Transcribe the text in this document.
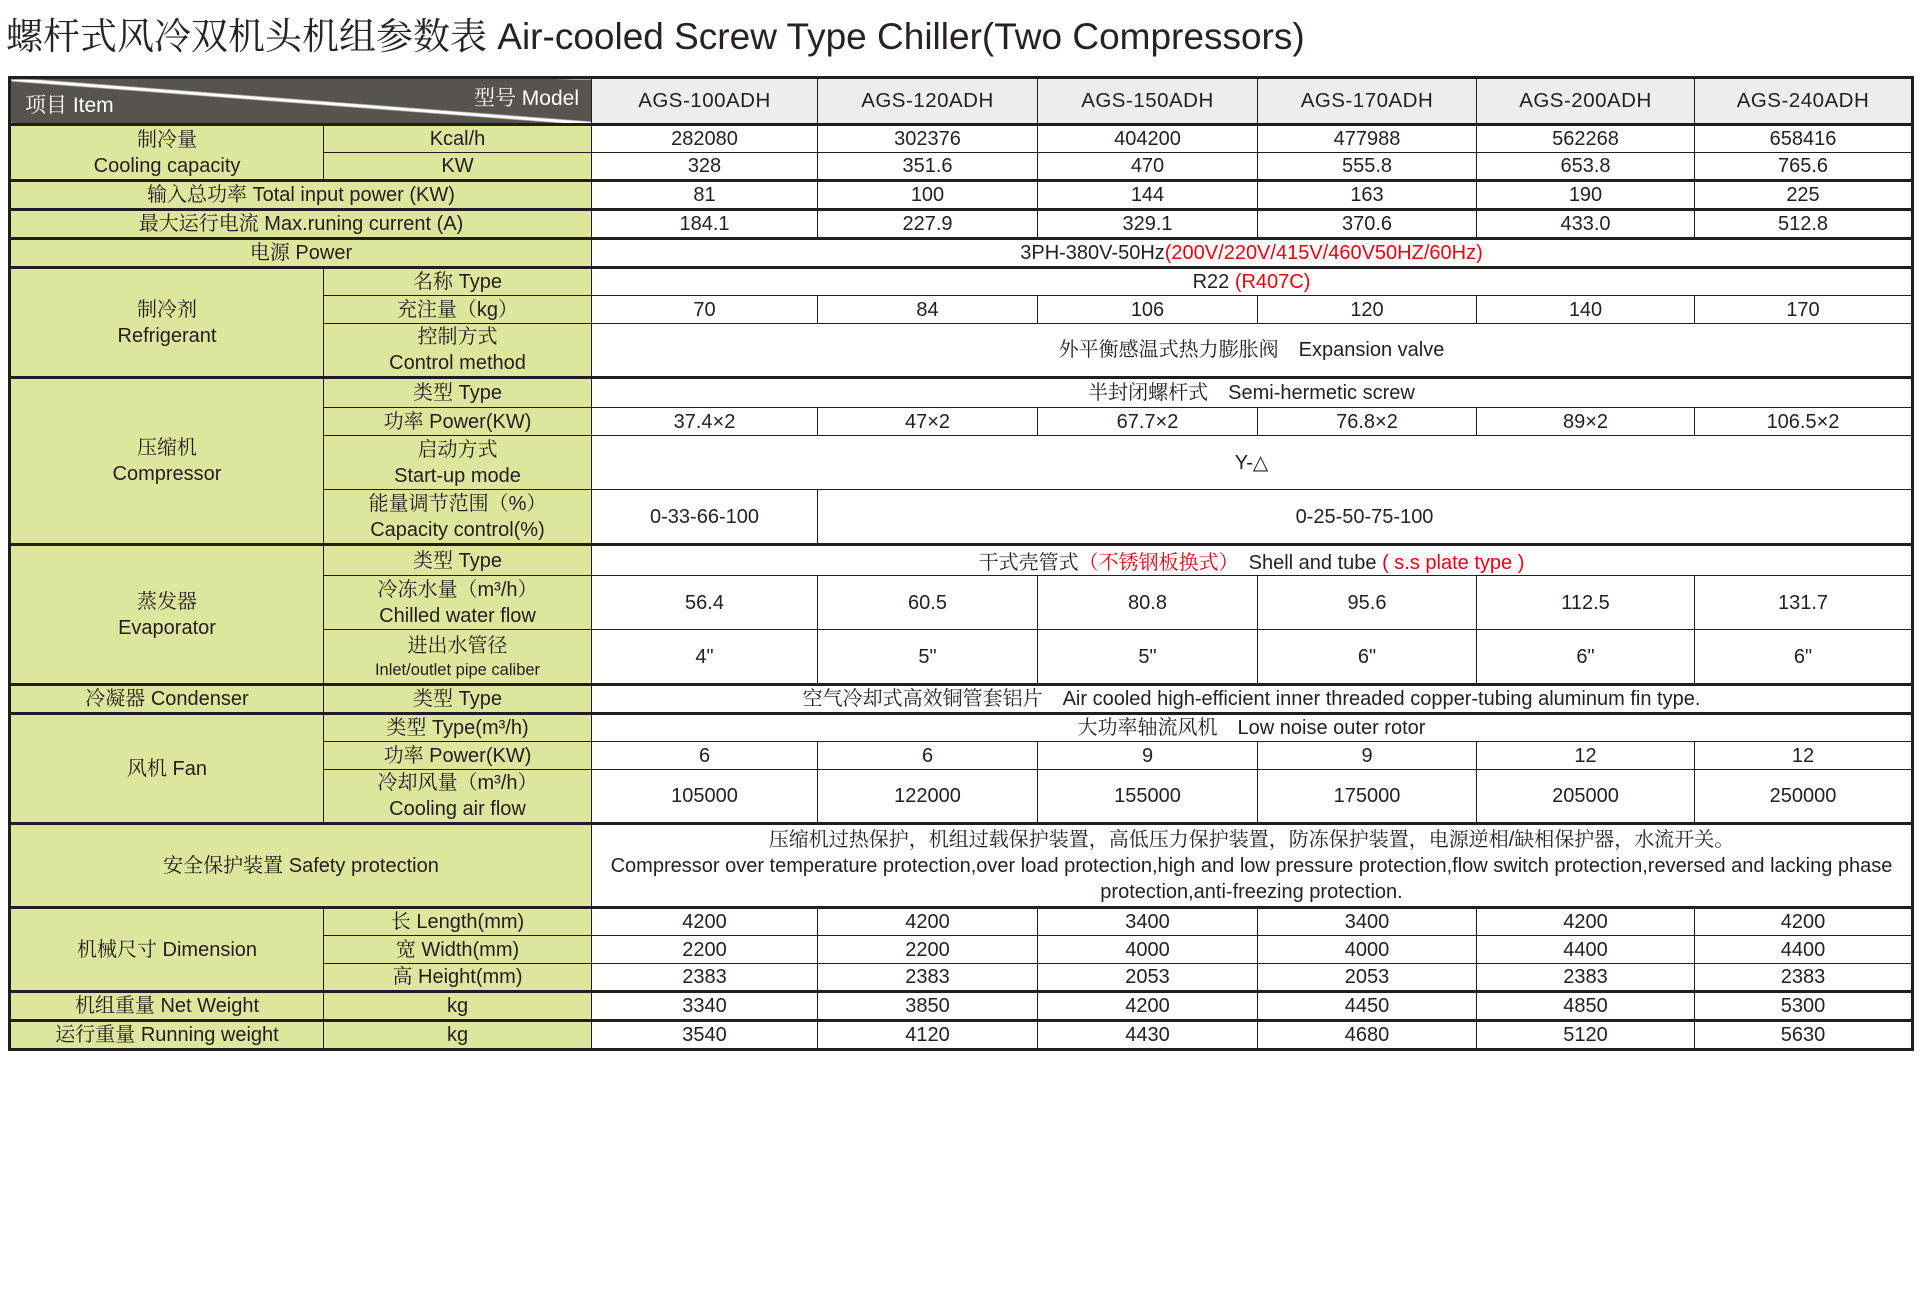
螺杆式风冷双机头机组参数表 Air-cooled Screw Type Chiller(Two Compressors)
型号 Model
项目 Item		AGS-100ADH	AGS-120ADH	AGS-150ADH	AGS-170ADH	AGS-200ADH	AGS-240ADH

制冷量
Cooling capacity	Kcal/h	282080	302376	404200	477988	562268	658416

	KW	328	351.6	470	555.8	653.8	765.6

输入总功率 Total input power (KW)		81	100	144	163	190	225

最大运行电流 Max.runing current (A)		184.1	227.9	329.1	370.6	433.0	512.8

电源 Power		3PH-380V-50Hz(200V/220V/415V/460V50HZ/60Hz)					

制冷剂
Refrigerant	名称 Type	R22 (R407C)					

	充注量（kg）	70	84	106	120	140	170

	控制方式
Control method	外平衡感温式热力膨胀阀　Expansion valve					

压缩机
Compressor	类型 Type	半封闭螺杆式　Semi-hermetic screw					

	功率 Power(KW)	37.4×2	47×2	67.7×2	76.8×2	89×2	106.5×2

	启动方式
Start-up mode	Y-△					

	能量调节范围（%）
Capacity control(%)	0-33-66-100	0-25-50-75-100				

蒸发器
Evaporator	类型 Type	干式壳管式（不锈钢板换式）　Shell and tube ( s.s plate type )					

	冷冻水量（m³/h）
Chilled water flow	56.4	60.5	80.8	95.6	112.5	131.7

	进出水管径
Inlet/outlet pipe caliber	4"	5"	5"	6"	6"	6"

冷凝器 Condenser	类型 Type	空气冷却式高效铜管套铝片　Air cooled high-efficient inner threaded copper-tubing aluminum fin type.					

风机 Fan	类型 Type(m³/h)	大功率轴流风机　Low noise outer rotor					

	功率 Power(KW)	6	6	9	9	12	12

	冷却风量（m³/h）
Cooling air flow	105000	122000	155000	175000	205000	250000

安全保护装置 Safety protection		压缩机过热保护，机组过载保护装置，高低压力保护装置，防冻保护装置，电源逆相/缺相保护器，水流开关。
Compressor over temperature protection,over load protection,high and low pressure protection,flow switch protection,reversed and lacking phase protection,anti-freezing protection.					

机械尺寸 Dimension	长 Length(mm)	4200	4200	3400	3400	4200	4200

	宽 Width(mm)	2200	2200	4000	4000	4400	4400

	高 Height(mm)	2383	2383	2053	2053	2383	2383

机组重量 Net Weight	kg	3340	3850	4200	4450	4850	5300

运行重量 Running weight	kg	3540	4120	4430	4680	5120	5630
